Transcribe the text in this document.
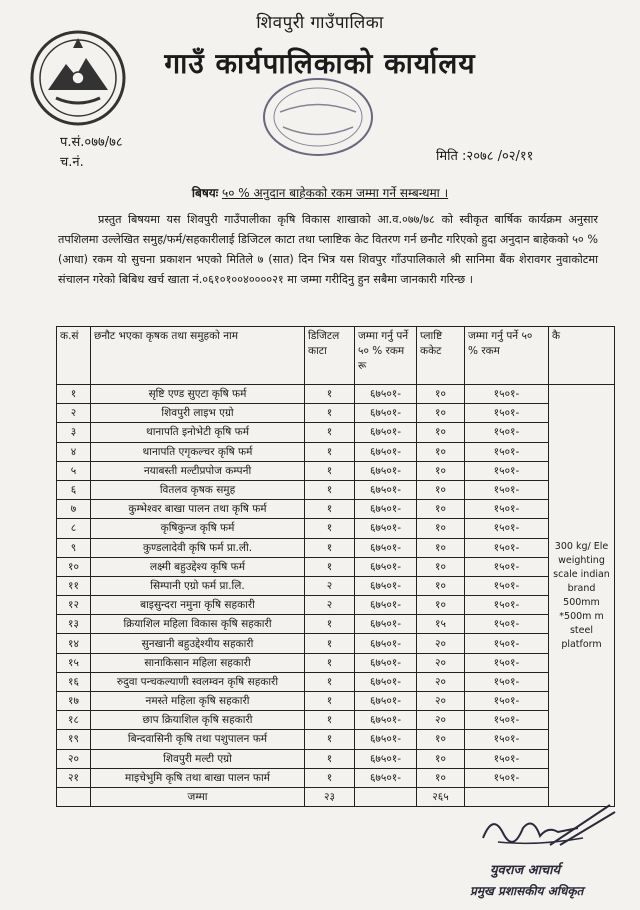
शिवपुरी गाउँपालिका
गाउँ कार्यपालिकाको कार्यालय
प.सं.०७७/७८
च.नं.	मिति :२०७८ /०२/११
बिषयः ५० % अनुदान बाहेकको रकम जम्मा गर्ने सम्बन्धमा ।

प्रस्तुत बिषयमा यस शिवपुरी गाउँपालीका कृषि विकास शाखाको आ.व.०७७/७८ को स्वीकृत बार्षिक कार्यक्रम अनुसार तपशिलमा उल्लेखित समुह/फर्म/सहकारीलाई डिजिटल काटा तथा प्लाष्टिक केट वितरण गर्न छनौट गरिएको हुदा अनुदान बाहेकको ५० % (आधा) रकम यो सुचना प्रकाशन भएको मितिले ७ (सात) दिन भित्र यस शिवपुर गाँउपालिकाले श्री सानिमा बैंक शेरावगर नुवाकोटमा संचालन गरेको बिबिध खर्च खाता नं.०६१०१००४००००२१ मा जम्मा गरीदिनु हुन सबैमा जानकारी गरिन्छ ।

क.सं	छनौट भएका कृषक तथा समुहको नाम	डिजिटल काटा	जम्मा गर्नु पर्ने ५० % रकम रू	प्लाष्टि ककेट	जम्मा गर्नु पर्ने ५० % रकम	कै
१	सृष्टि एण्ड सुएटा कृषि फर्म	१	६७५०१-	१०	१५०१-	300 kg/ Ele weighting scale indian brand 500mm *500m m steel platform
२	शिवपुरी लाइभ एग्रो	१	६७५०१-	१०	१५०१-	
३	थानापति इनोभेटी कृषि फर्म	१	६७५०१-	१०	१५०१-	
४	थानापति एगृकल्चर कृषि फर्म	१	६७५०१-	१०	१५०१-	
५	नयाबस्ती मल्टीप्रपोज कम्पनी	१	६७५०१-	१०	१५०१-	
६	वितलव कृषक समुह	१	६७५०१-	१०	१५०१-	
७	कुम्भेश्वर बाखा पालन तथा कृषि फर्म	१	६७५०१-	१०	१५०१-	
८	कृषिकुन्ज कृषि फर्म	१	६७५०१-	१०	१५०१-	
९	कुण्डलादेवी कृषि फर्म प्रा.ली.	१	६७५०१-	१०	१५०१-	
१०	लक्ष्मी बहुउद्देश्य कृषि फर्म	१	६७५०१-	१०	१५०१-	
११	सिम्पानी एग्रो फर्म प्रा.लि.	२	६७५०१-	१०	१५०१-	
१२	बाइसुन्दरा नमुना कृषि सहकारी	२	६७५०१-	१०	१५०१-	
१३	क्रियाशिल महिला विकास कृषि सहकारी	१	६७५०१-	१५	१५०१-	
१४	सुनखानी बहुउद्देश्यीय सहकारी	१	६७५०१-	२०	१५०१-	
१५	सानाकिसान महिला सहकारी	१	६७५०१-	२०	१५०१-	
१६	रुदुवा पन्चकल्याणी स्वलम्वन कृषि सहकारी	१	६७५०१-	२०	१५०१-	
१७	नमस्ते महिला कृषि सहकारी	१	६७५०१-	२०	१५०१-	
१८	छाप क्रियाशिल कृषि सहकारी	१	६७५०१-	२०	१५०१-	
१९	बिन्दवासिनी कृषि तथा पशुपालन फर्म	१	६७५०१-	१०	१५०१-	
२०	शिवपुरी मल्टी एग्रो	१	६७५०१-	१०	१५०१-	
२१	माइचेभुमि कृषि तथा बाखा पालन फार्म	१	६७५०१-	१०	१५०१-	
	जम्मा	२३		२६५		
युवराज आचार्य
प्रमुख प्रशासकीय अधिकृत
